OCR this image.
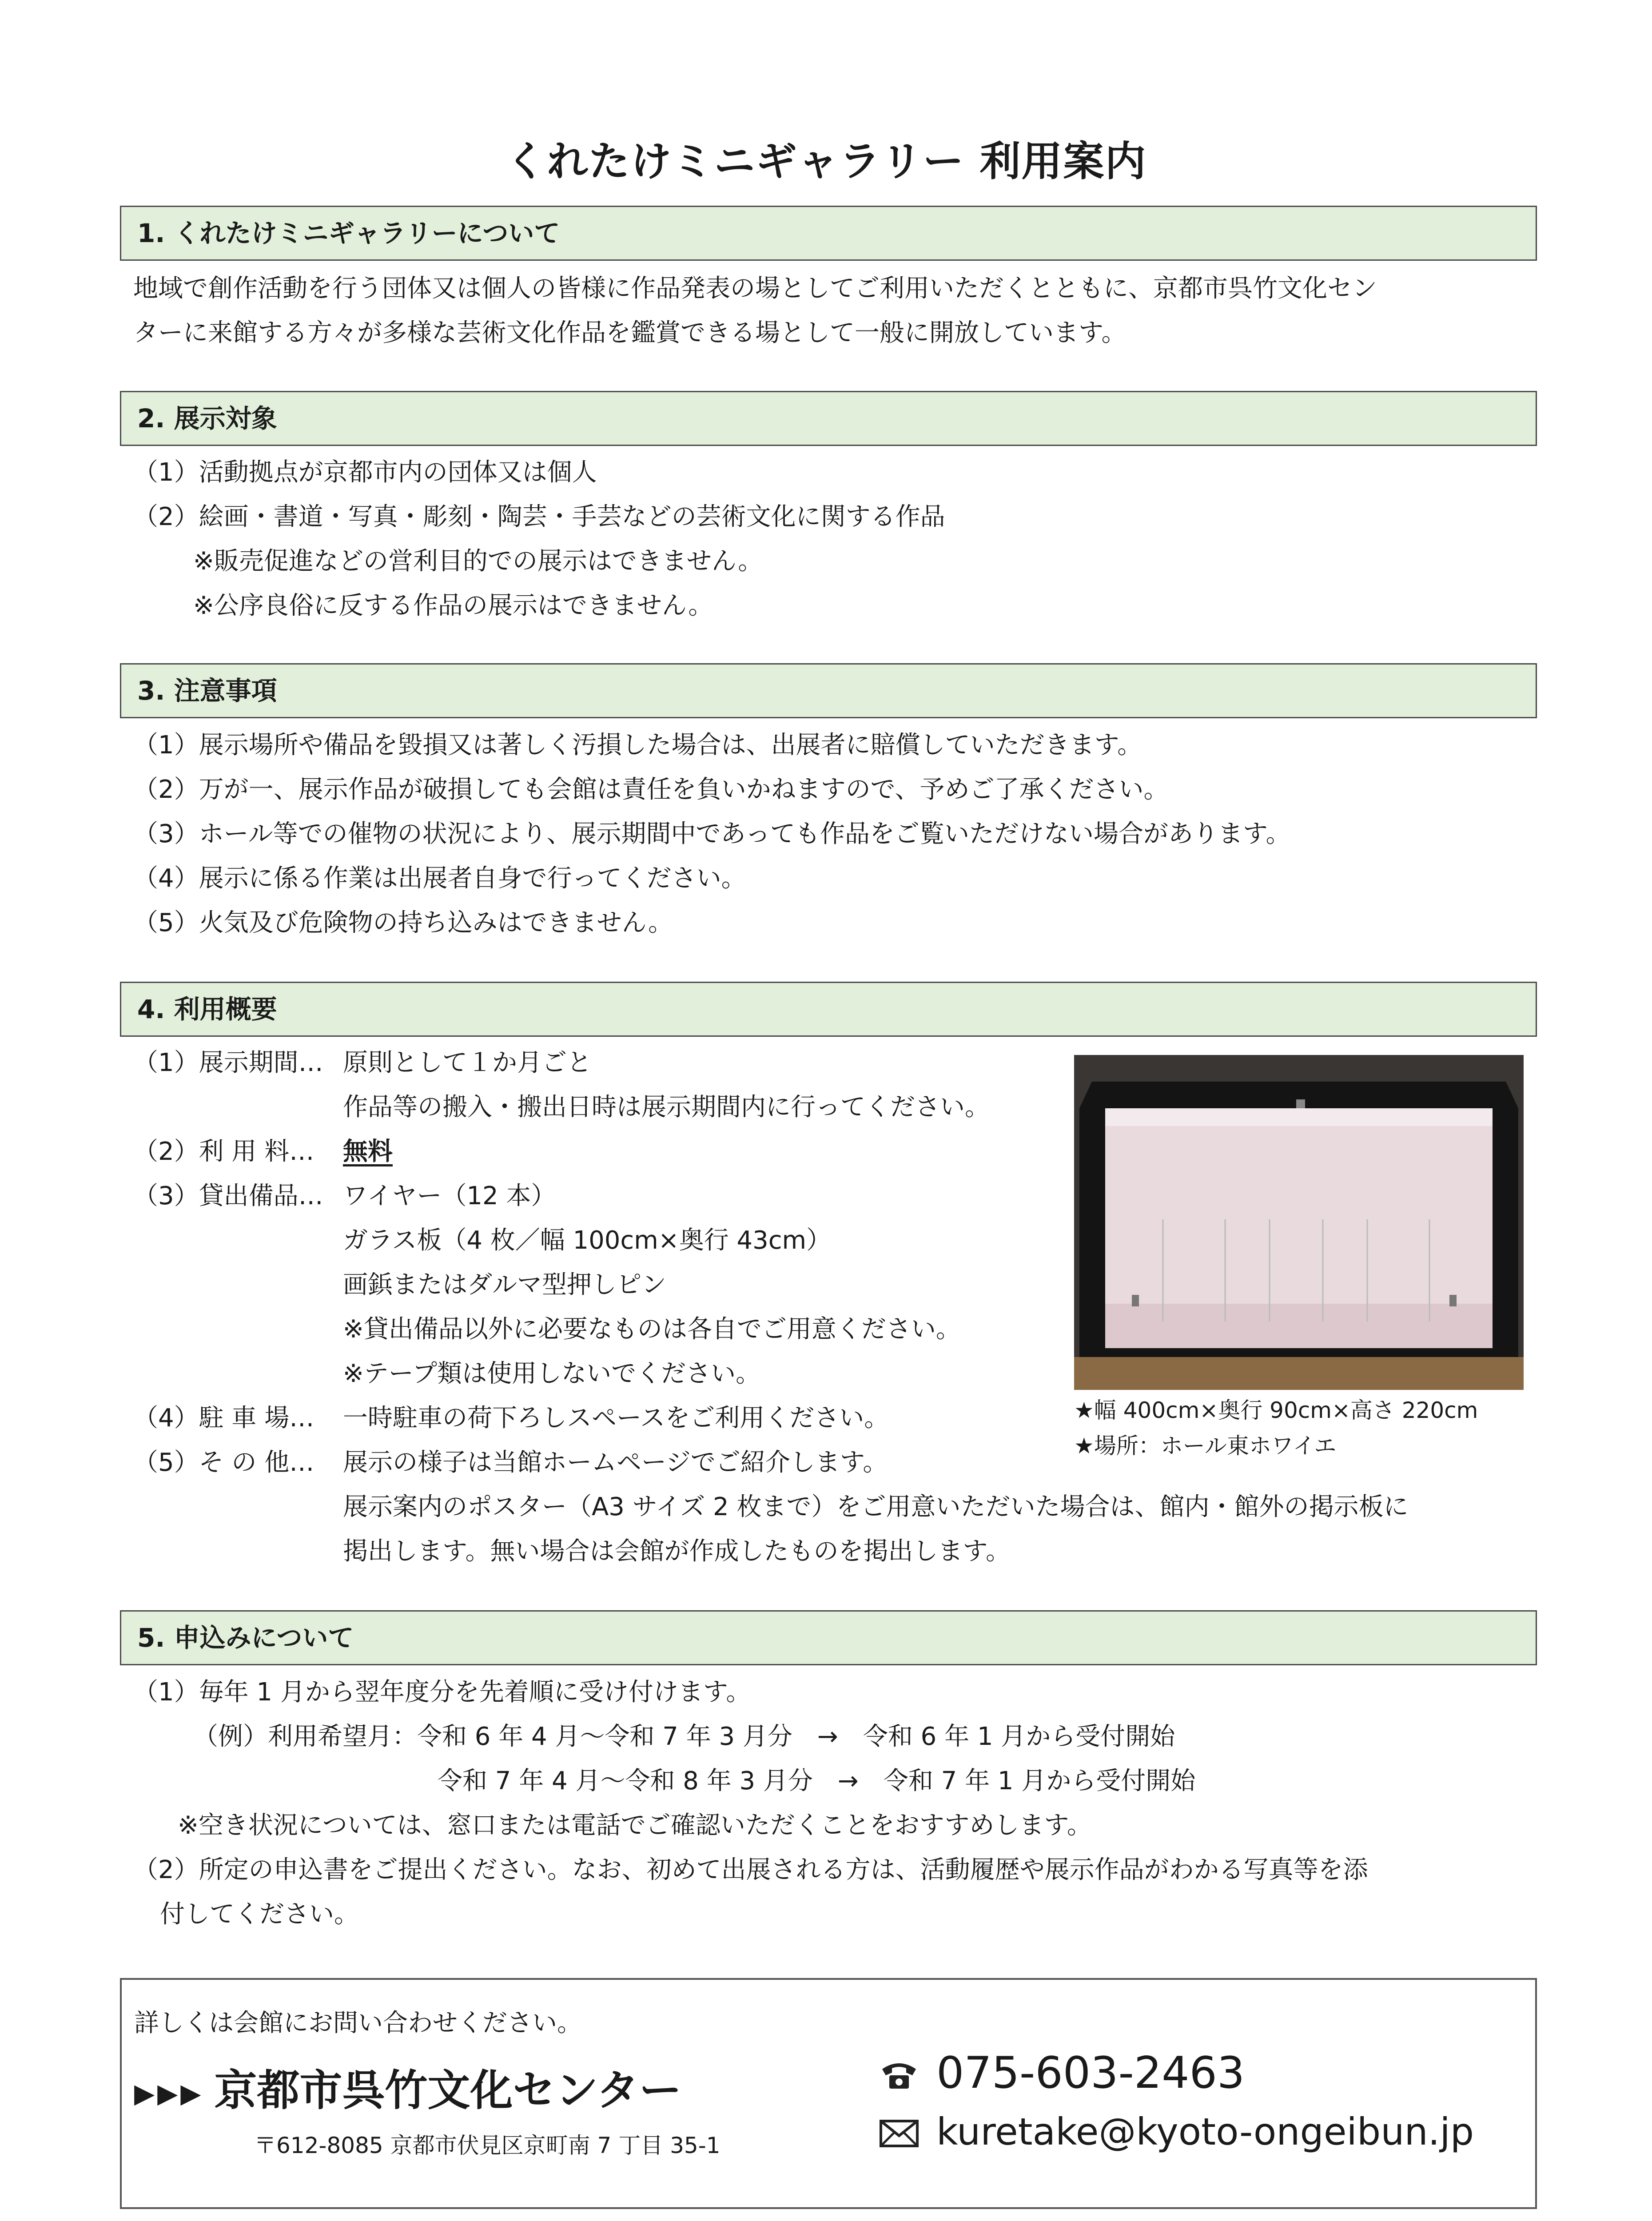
くれたけミニギャラリー 利用案内
1. くれたけミニギャラリーについて
地域で創作活動を行う団体又は個人の皆様に作品発表の場としてご利用いただくとともに、京都市呉竹文化セン
ターに来館する方々が多様な芸術文化作品を鑑賞できる場として一般に開放しています。
2. 展示対象
（1）活動拠点が京都市内の団体又は個人
（2）絵画・書道・写真・彫刻・陶芸・手芸などの芸術文化に関する作品
※販売促進などの営利目的での展示はできません。
※公序良俗に反する作品の展示はできません。
3. 注意事項
（1）展示場所や備品を毀損又は著しく汚損した場合は、出展者に賠償していただきます。
（2）万が一、展示作品が破損しても会館は責任を負いかねますので、予めご了承ください。
（3）ホール等での催物の状況により、展示期間中であっても作品をご覧いただけない場合があります。
（4）展示に係る作業は出展者自身で行ってください。
（5）火気及び危険物の持ち込みはできません。
4. 利用概要
（1）展示期間… 原則として１か月ごと
作品等の搬入・搬出日時は展示期間内に行ってください。
（2）利 用 料… 無料
（3）貸出備品… ワイヤー（12 本）
ガラス板（4 枚／幅 100cm×奥行 43cm）
画鋲またはダルマ型押しピン
※貸出備品以外に必要なものは各自でご用意ください。
※テープ類は使用しないでください。
（4）駐 車 場… 一時駐車の荷下ろしスペースをご利用ください。
（5）そ の 他… 展示の様子は当館ホームページでご紹介します。
展示案内のポスター（A3 サイズ 2 枚まで）をご用意いただいた場合は、館内・館外の掲示板に
掲出します。無い場合は会館が作成したものを掲出します。
★幅 400cm×奥行 90cm×高さ 220cm
★場所：ホール東ホワイエ
5. 申込みについて
（1）毎年 1 月から翌年度分を先着順に受け付けます。
（例）利用希望月：令和 6 年 4 月～令和 7 年 3 月分　→　令和 6 年 1 月から受付開始
令和 7 年 4 月～令和 8 年 3 月分　→　令和 7 年 1 月から受付開始
※空き状況については、窓口または電話でご確認いただくことをおすすめします。
（2）所定の申込書をご提出ください。なお、初めて出展される方は、活動履歴や展示作品がわかる写真等を添
付してください。
詳しくは会館にお問い合わせください。
▶▶▶ 京都市呉竹文化センター
〒612-8085 京都市伏見区京町南 7 丁目 35-1
075-603-2463
kuretake@kyoto-ongeibun.jp
